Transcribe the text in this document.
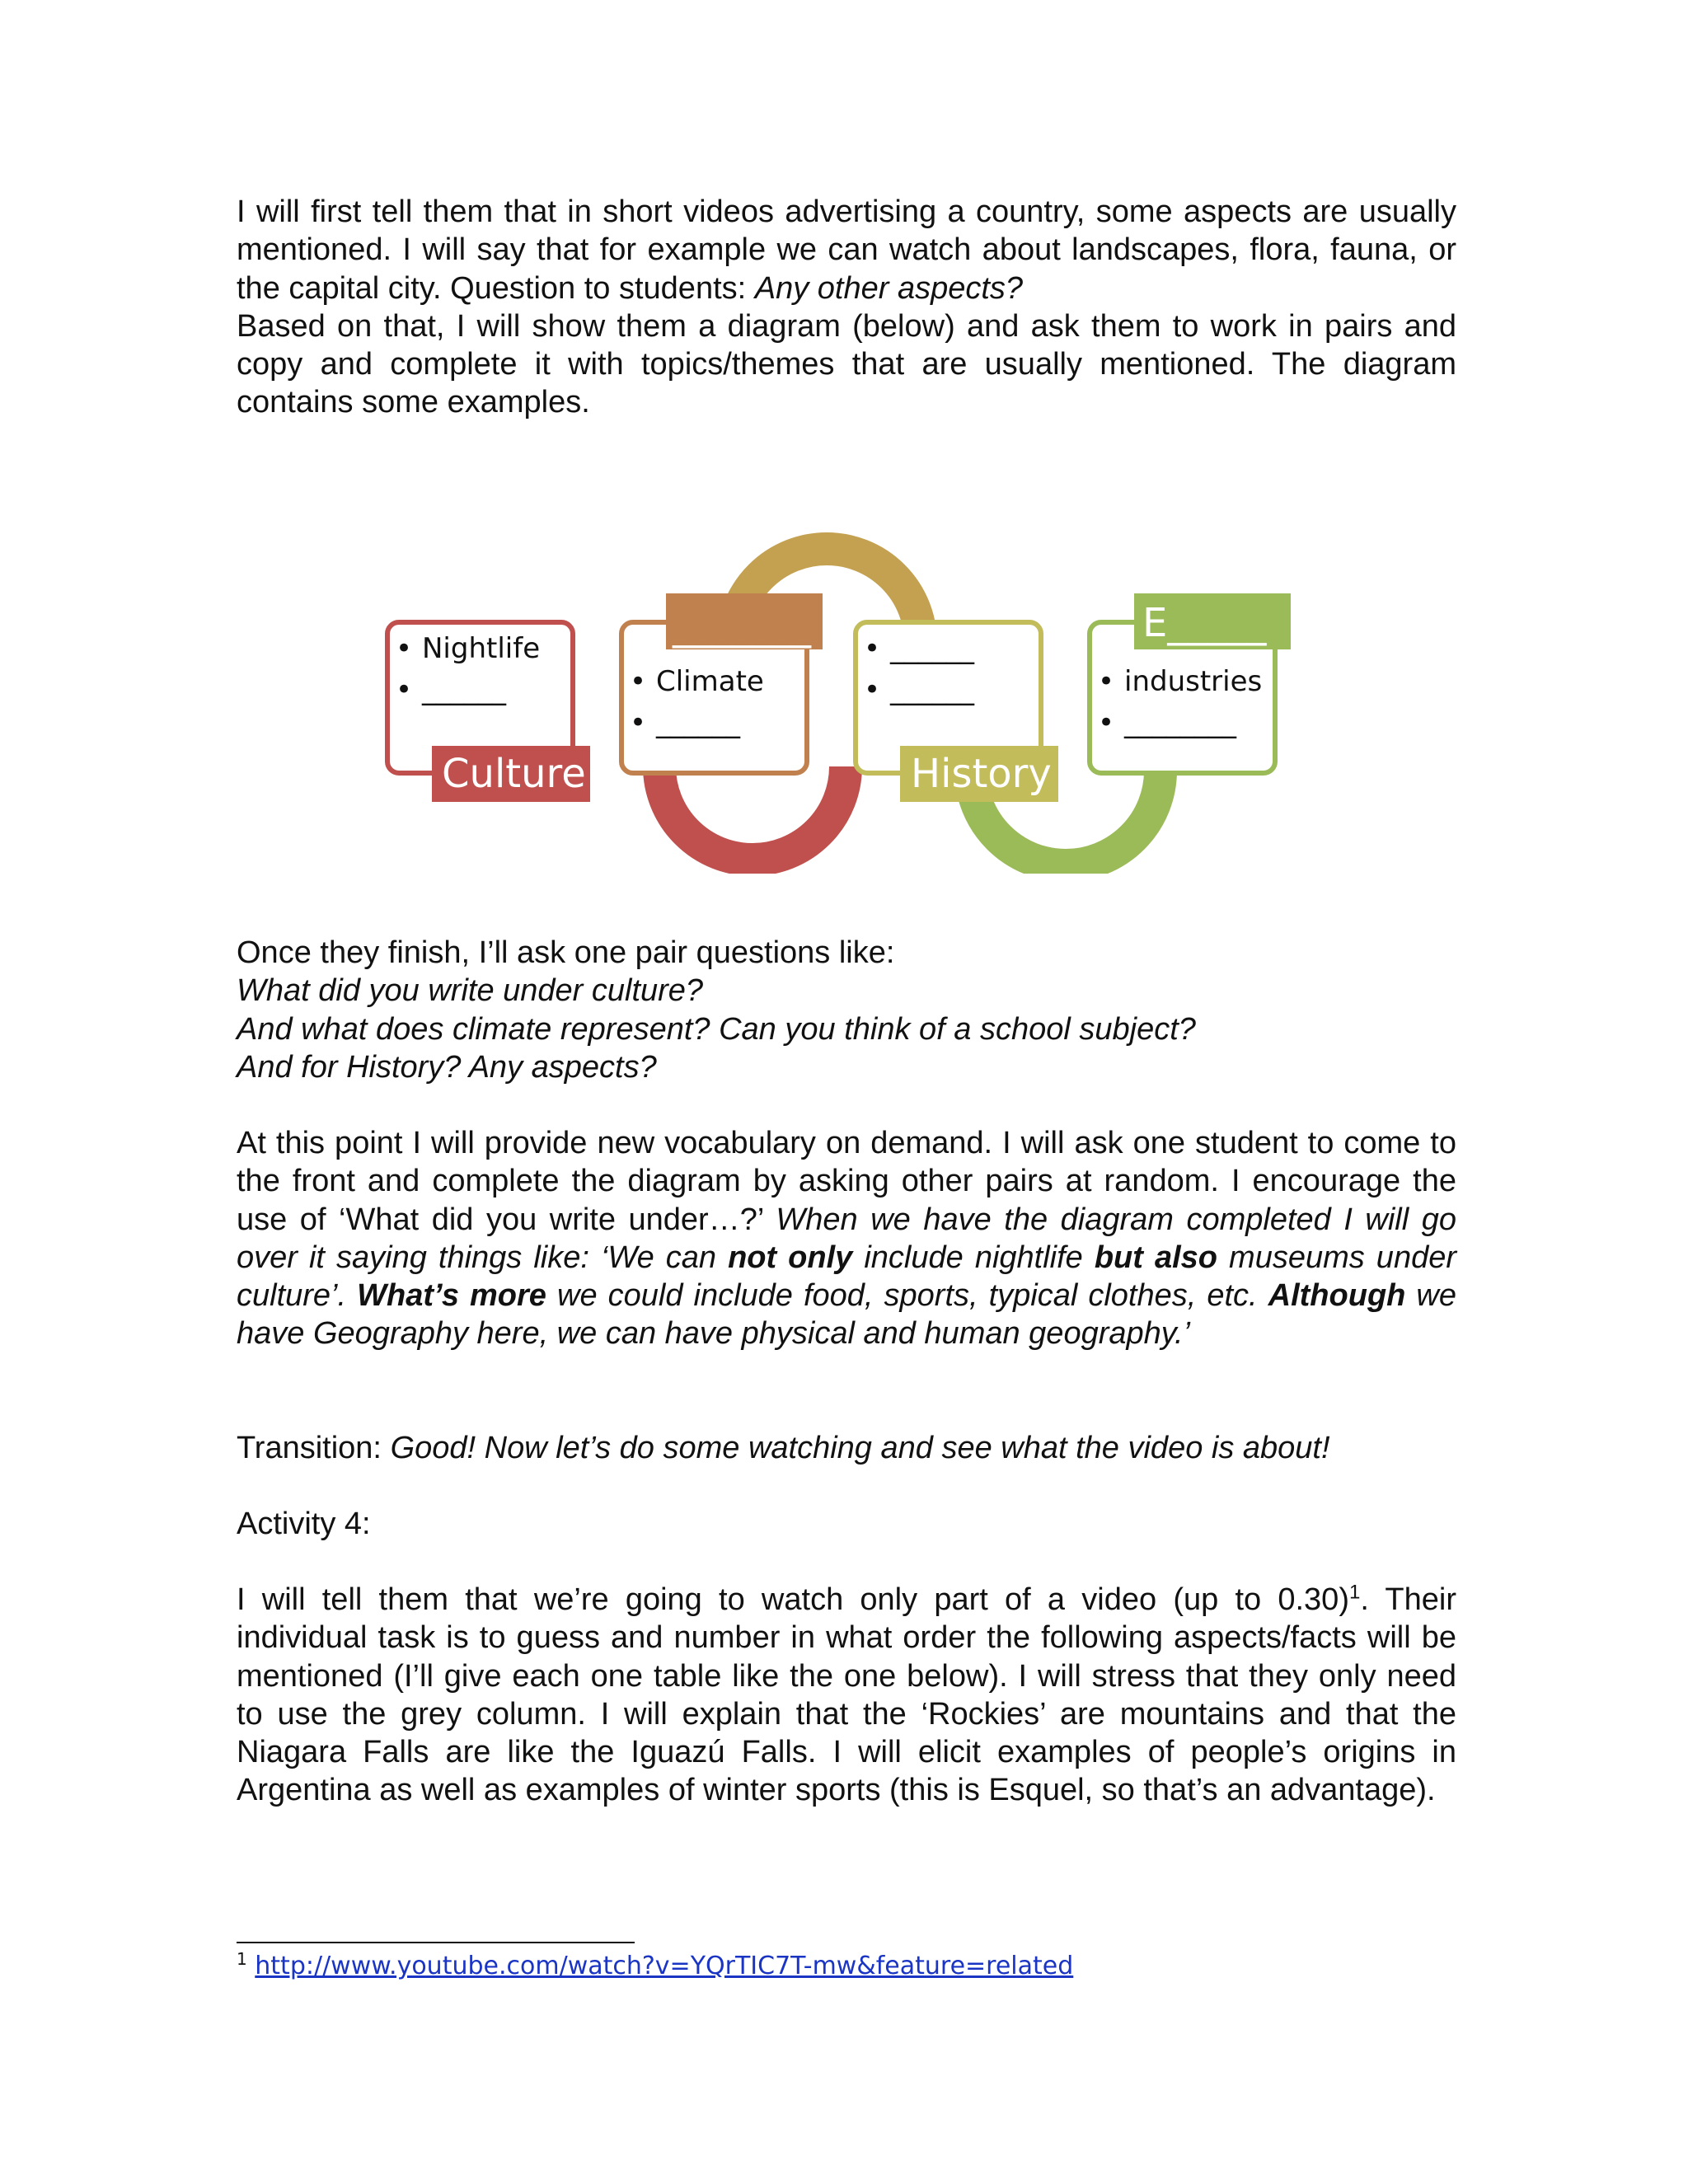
I will first tell them that in short videos advertising a country, some aspects are usually mentioned. I will say that for example we can watch about landscapes, flora, fauna, or the capital city. Question to students: Any other aspects?

Based on that, I will show them a diagram (below) and ask them to work in pairs and copy and complete it with topics/themes that are usually mentioned. The diagram contains some examples.

Culture
• Nightlife
• ______
_______
• Climate
• ______
History
• ______
• ______
E_____
• industries
• ________

Once they finish, I’ll ask one pair questions like:

What did you write under culture?

And what does climate represent? Can you think of a school subject?

And for History? Any aspects?

At this point I will provide new vocabulary on demand. I will ask one student to come to the front and complete the diagram by asking other pairs at random. I encourage the use of ‘What did you write under…?’ When we have the diagram completed I will go over it saying things like: ‘We can not only include nightlife but also museums under culture’. What’s more we could include food, sports, typical clothes, etc. Although we have Geography here, we can have physical and human geography.’

Transition: Good! Now let’s do some watching and see what the video is about!

Activity 4:

I will tell them that we’re going to watch only part of a video (up to 0.30)$^1$. Their individual task is to guess and number in what order the following aspects/facts will be mentioned (I’ll give each one table like the one below). I will stress that they only need to use the grey column. I will explain that the ‘Rockies’ are mountains and that the Niagara Falls are like the Iguazú Falls. I will elicit examples of people’s origins in Argentina as well as examples of winter sports (this is Esquel, so that’s an advantage).

$^1$ http://www.youtube.com/watch?v=YQrTIC7T-mw&feature=related
